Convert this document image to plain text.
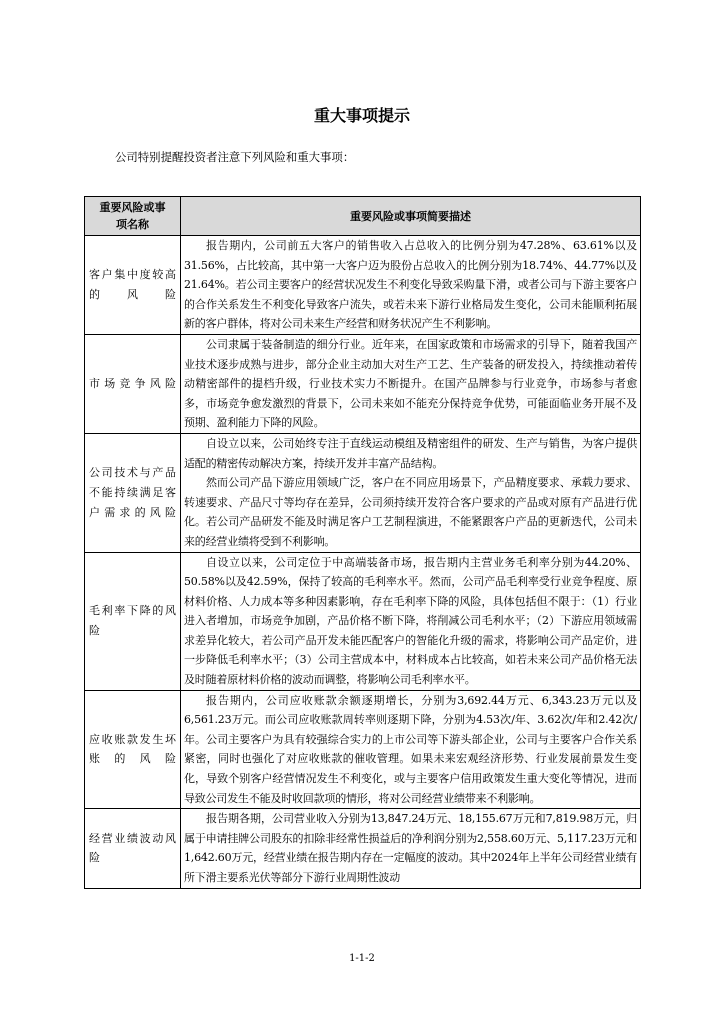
重大事项提示
公司特别提醒投资者注意下列风险和重大事项：
重要风险或事项名称	重要风险或事项简要描述
客户集中度较高的风险	报告期内，公司前五大客户的销售收入占总收入的比例分别为47.28%、63.61%以及31.56%，占比较高，其中第一大客户迈为股份占总收入的比例分别为18.74%、44.77%以及21.64%。若公司主要客户的经营状况发生不利变化导致采购量下滑，或者公司与下游主要客户的合作关系发生不利变化导致客户流失，或若未来下游行业格局发生变化，公司未能顺利拓展新的客户群体，将对公司未来生产经营和财务状况产生不利影响。

市场竞争风险	公司隶属于装备制造的细分行业。近年来，在国家政策和市场需求的引导下，随着我国产业技术逐步成熟与进步，部分企业主动加大对生产工艺、生产装备的研发投入，持续推动着传动精密部件的提档升级，行业技术实力不断提升。在国产品牌参与行业竞争，市场参与者愈多，市场竞争愈发激烈的背景下，公司未来如不能充分保持竞争优势，可能面临业务开展不及预期、盈利能力下降的风险。

公司技术与产品不能持续满足客户需求的风险	自设立以来，公司始终专注于直线运动模组及精密组件的研发、生产与销售，为客户提供适配的精密传动解决方案，持续开发并丰富产品结构。

然而公司产品下游应用领域广泛，客户在不同应用场景下，产品精度要求、承载力要求、转速要求、产品尺寸等均存在差异，公司须持续开发符合客户要求的产品或对原有产品进行优化。若公司产品研发不能及时满足客户工艺制程演进，不能紧跟客户产品的更新迭代，公司未来的经营业绩将受到不利影响。

毛利率下降的风险	自设立以来，公司定位于中高端装备市场，报告期内主营业务毛利率分别为44.20%、50.58%以及42.59%，保持了较高的毛利率水平。然而，公司产品毛利率受行业竞争程度、原材料价格、人力成本等多种因素影响，存在毛利率下降的风险，具体包括但不限于：（1）行业进入者增加，市场竞争加剧，产品价格不断下降，将削减公司毛利水平；（2）下游应用领域需求差异化较大，若公司产品开发未能匹配客户的智能化升级的需求，将影响公司产品定价，进一步降低毛利率水平；（3）公司主营成本中，材料成本占比较高，如若未来公司产品价格无法及时随着原材料价格的波动而调整，将影响公司毛利率水平。

应收账款发生坏账的风险	报告期内，公司应收账款余额逐期增长，分别为3,692.44万元、6,343.23万元以及6,561.23万元。而公司应收账款周转率则逐期下降，分别为4.53次/年、3.62次/年和2.42次/年。公司主要客户为具有较强综合实力的上市公司等下游头部企业，公司与主要客户合作关系紧密，同时也强化了对应收账款的催收管理。如果未来宏观经济形势、行业发展前景发生变化，导致个别客户经营情况发生不利变化，或与主要客户信用政策发生重大变化等情况，进而导致公司发生不能及时收回款项的情形，将对公司经营业绩带来不利影响。

经营业绩波动风险	报告期各期，公司营业收入分别为13,847.24万元、18,155.67万元和7,819.98万元，归属于申请挂牌公司股东的扣除非经常性损益后的净利润分别为2,558.60万元、5,117.23万元和1,642.60万元，经营业绩在报告期内存在一定幅度的波动。其中2024年上半年公司经营业绩有所下滑主要系光伏等部分下游行业周期性波动

1-1-2
